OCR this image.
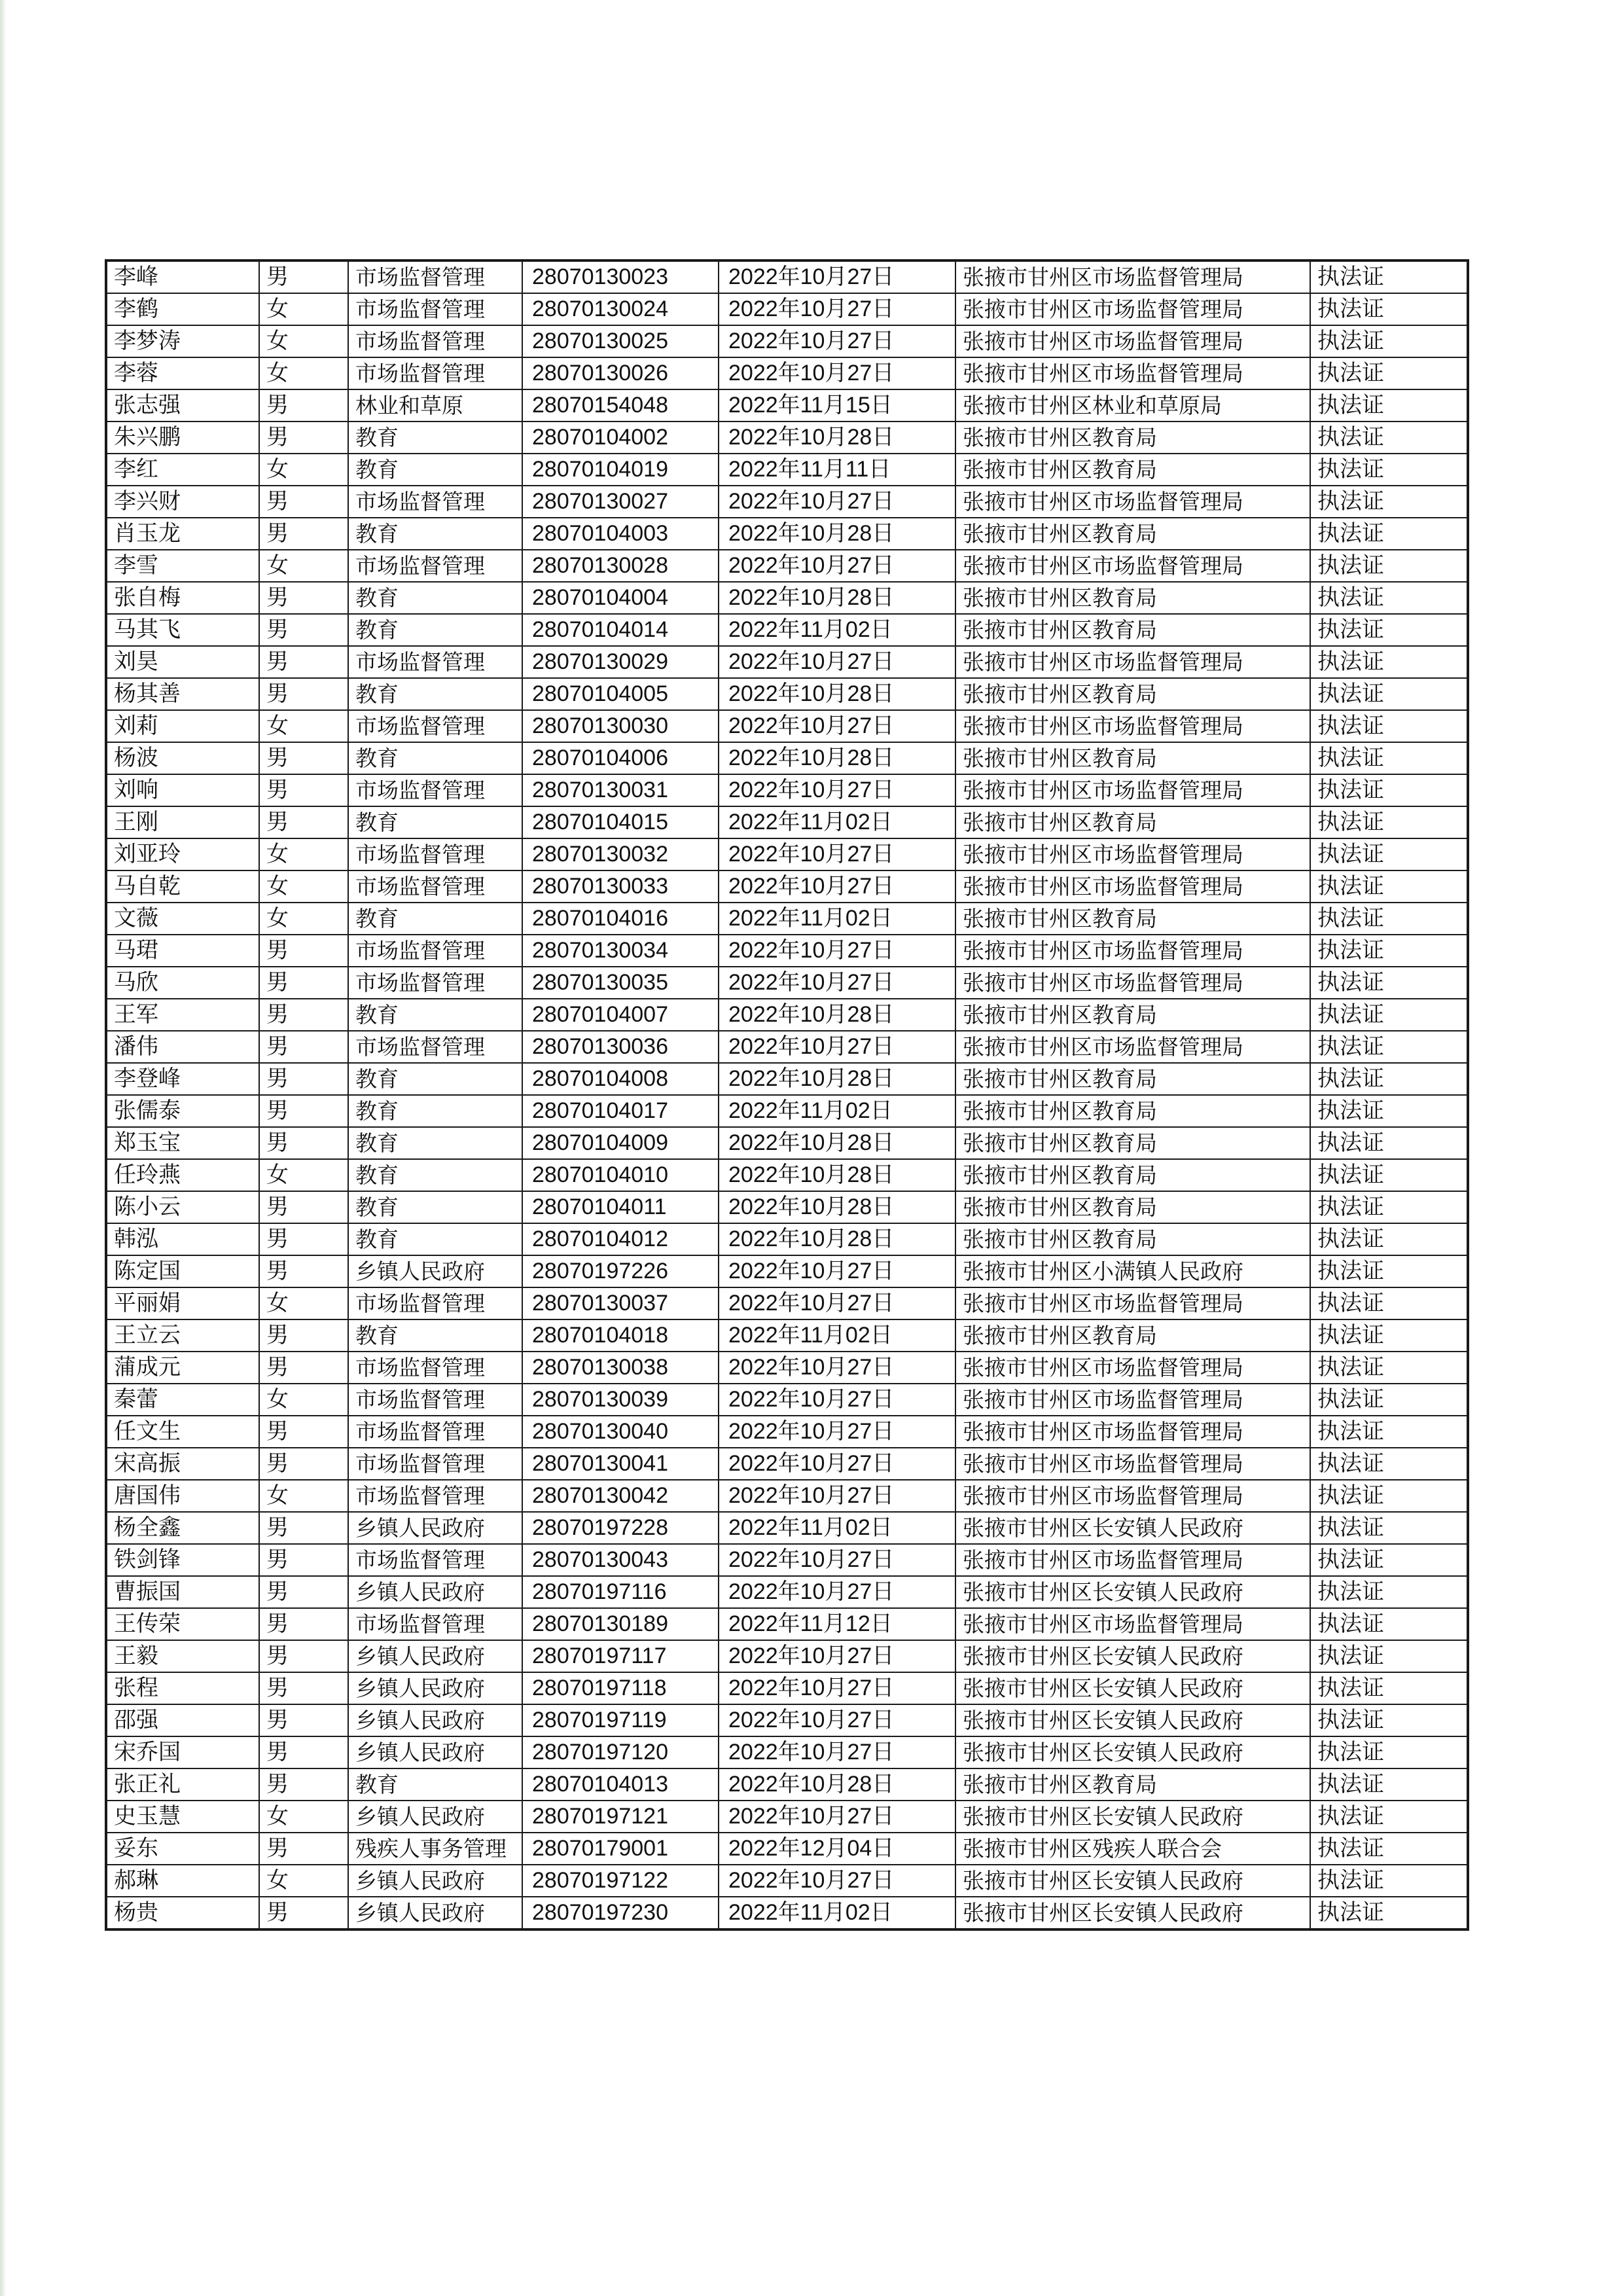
李峰	男	市场监督管理	28070130023	2022年10月27日	张掖市甘州区市场监督管理局	执法证
李鹤	女	市场监督管理	28070130024	2022年10月27日	张掖市甘州区市场监督管理局	执法证
李梦涛	女	市场监督管理	28070130025	2022年10月27日	张掖市甘州区市场监督管理局	执法证
李蓉	女	市场监督管理	28070130026	2022年10月27日	张掖市甘州区市场监督管理局	执法证
张志强	男	林业和草原	28070154048	2022年11月15日	张掖市甘州区林业和草原局	执法证
朱兴鹏	男	教育	28070104002	2022年10月28日	张掖市甘州区教育局	执法证
李红	女	教育	28070104019	2022年11月11日	张掖市甘州区教育局	执法证
李兴财	男	市场监督管理	28070130027	2022年10月27日	张掖市甘州区市场监督管理局	执法证
肖玉龙	男	教育	28070104003	2022年10月28日	张掖市甘州区教育局	执法证
李雪	女	市场监督管理	28070130028	2022年10月27日	张掖市甘州区市场监督管理局	执法证
张自梅	男	教育	28070104004	2022年10月28日	张掖市甘州区教育局	执法证
马其飞	男	教育	28070104014	2022年11月02日	张掖市甘州区教育局	执法证
刘昊	男	市场监督管理	28070130029	2022年10月27日	张掖市甘州区市场监督管理局	执法证
杨其善	男	教育	28070104005	2022年10月28日	张掖市甘州区教育局	执法证
刘莉	女	市场监督管理	28070130030	2022年10月27日	张掖市甘州区市场监督管理局	执法证
杨波	男	教育	28070104006	2022年10月28日	张掖市甘州区教育局	执法证
刘响	男	市场监督管理	28070130031	2022年10月27日	张掖市甘州区市场监督管理局	执法证
王刚	男	教育	28070104015	2022年11月02日	张掖市甘州区教育局	执法证
刘亚玲	女	市场监督管理	28070130032	2022年10月27日	张掖市甘州区市场监督管理局	执法证
马自乾	女	市场监督管理	28070130033	2022年10月27日	张掖市甘州区市场监督管理局	执法证
文薇	女	教育	28070104016	2022年11月02日	张掖市甘州区教育局	执法证
马珺	男	市场监督管理	28070130034	2022年10月27日	张掖市甘州区市场监督管理局	执法证
马欣	男	市场监督管理	28070130035	2022年10月27日	张掖市甘州区市场监督管理局	执法证
王军	男	教育	28070104007	2022年10月28日	张掖市甘州区教育局	执法证
潘伟	男	市场监督管理	28070130036	2022年10月27日	张掖市甘州区市场监督管理局	执法证
李登峰	男	教育	28070104008	2022年10月28日	张掖市甘州区教育局	执法证
张儒泰	男	教育	28070104017	2022年11月02日	张掖市甘州区教育局	执法证
郑玉宝	男	教育	28070104009	2022年10月28日	张掖市甘州区教育局	执法证
任玲燕	女	教育	28070104010	2022年10月28日	张掖市甘州区教育局	执法证
陈小云	男	教育	28070104011	2022年10月28日	张掖市甘州区教育局	执法证
韩泓	男	教育	28070104012	2022年10月28日	张掖市甘州区教育局	执法证
陈定国	男	乡镇人民政府	28070197226	2022年10月27日	张掖市甘州区小满镇人民政府	执法证
平丽娟	女	市场监督管理	28070130037	2022年10月27日	张掖市甘州区市场监督管理局	执法证
王立云	男	教育	28070104018	2022年11月02日	张掖市甘州区教育局	执法证
蒲成元	男	市场监督管理	28070130038	2022年10月27日	张掖市甘州区市场监督管理局	执法证
秦蕾	女	市场监督管理	28070130039	2022年10月27日	张掖市甘州区市场监督管理局	执法证
任文生	男	市场监督管理	28070130040	2022年10月27日	张掖市甘州区市场监督管理局	执法证
宋高振	男	市场监督管理	28070130041	2022年10月27日	张掖市甘州区市场监督管理局	执法证
唐国伟	女	市场监督管理	28070130042	2022年10月27日	张掖市甘州区市场监督管理局	执法证
杨全鑫	男	乡镇人民政府	28070197228	2022年11月02日	张掖市甘州区长安镇人民政府	执法证
铁剑锋	男	市场监督管理	28070130043	2022年10月27日	张掖市甘州区市场监督管理局	执法证
曹振国	男	乡镇人民政府	28070197116	2022年10月27日	张掖市甘州区长安镇人民政府	执法证
王传荣	男	市场监督管理	28070130189	2022年11月12日	张掖市甘州区市场监督管理局	执法证
王毅	男	乡镇人民政府	28070197117	2022年10月27日	张掖市甘州区长安镇人民政府	执法证
张程	男	乡镇人民政府	28070197118	2022年10月27日	张掖市甘州区长安镇人民政府	执法证
邵强	男	乡镇人民政府	28070197119	2022年10月27日	张掖市甘州区长安镇人民政府	执法证
宋乔国	男	乡镇人民政府	28070197120	2022年10月27日	张掖市甘州区长安镇人民政府	执法证
张正礼	男	教育	28070104013	2022年10月28日	张掖市甘州区教育局	执法证
史玉慧	女	乡镇人民政府	28070197121	2022年10月27日	张掖市甘州区长安镇人民政府	执法证
妥东	男	残疾人事务管理	28070179001	2022年12月04日	张掖市甘州区残疾人联合会	执法证
郝琳	女	乡镇人民政府	28070197122	2022年10月27日	张掖市甘州区长安镇人民政府	执法证
杨贵	男	乡镇人民政府	28070197230	2022年11月02日	张掖市甘州区长安镇人民政府	执法证
